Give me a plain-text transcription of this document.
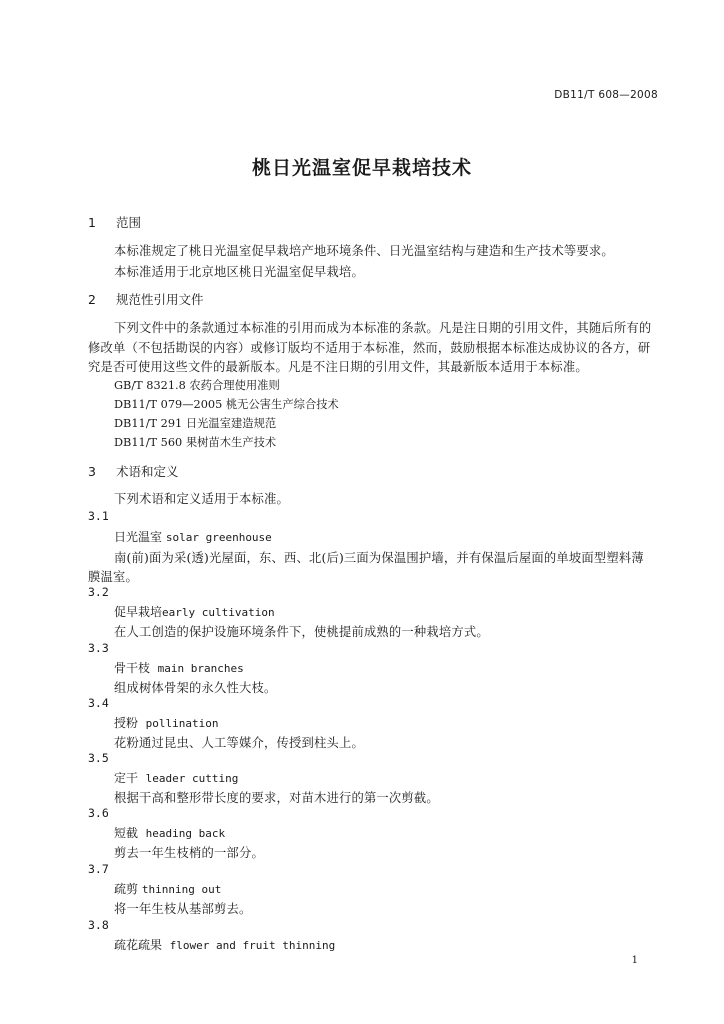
DB11/T 608—2008
桃日光温室促早栽培技术
1 范围
本标准规定了桃日光温室促早栽培产地环境条件、日光温室结构与建造和生产技术等要求。
本标准适用于北京地区桃日光温室促早栽培。
2 规范性引用文件
下列文件中的条款通过本标准的引用而成为本标准的条款。凡是注日期的引用文件，其随后所有的
修改单（不包括勘误的内容）或修订版均不适用于本标准，然而，鼓励根据本标准达成协议的各方，研
究是否可使用这些文件的最新版本。凡是不注日期的引用文件，其最新版本适用于本标准。
GB/T 8321.8 农药合理使用准则
DB11/T 079—2005 桃无公害生产综合技术
DB11/T 291 日光温室建造规范
DB11/T 560 果树苗木生产技术
3 术语和定义
下列术语和定义适用于本标准。
3.1
日光温室 solar greenhouse
南(前)面为采(透)光屋面，东、西、北(后)三面为保温围护墙，并有保温后屋面的单坡面型塑料薄
膜温室。
3.2
促早栽培early cultivation
在人工创造的保护设施环境条件下，使桃提前成熟的一种栽培方式。
3.3
骨干枝 main branches
组成树体骨架的永久性大枝。
3.4
授粉 pollination
花粉通过昆虫、人工等媒介，传授到柱头上。
3.5
定干 leader cutting
根据干高和整形带长度的要求，对苗木进行的第一次剪截。
3.6
短截 heading back
剪去一年生枝梢的一部分。
3.7
疏剪 thinning out
将一年生枝从基部剪去。
3.8
疏花疏果 flower and fruit thinning
1
